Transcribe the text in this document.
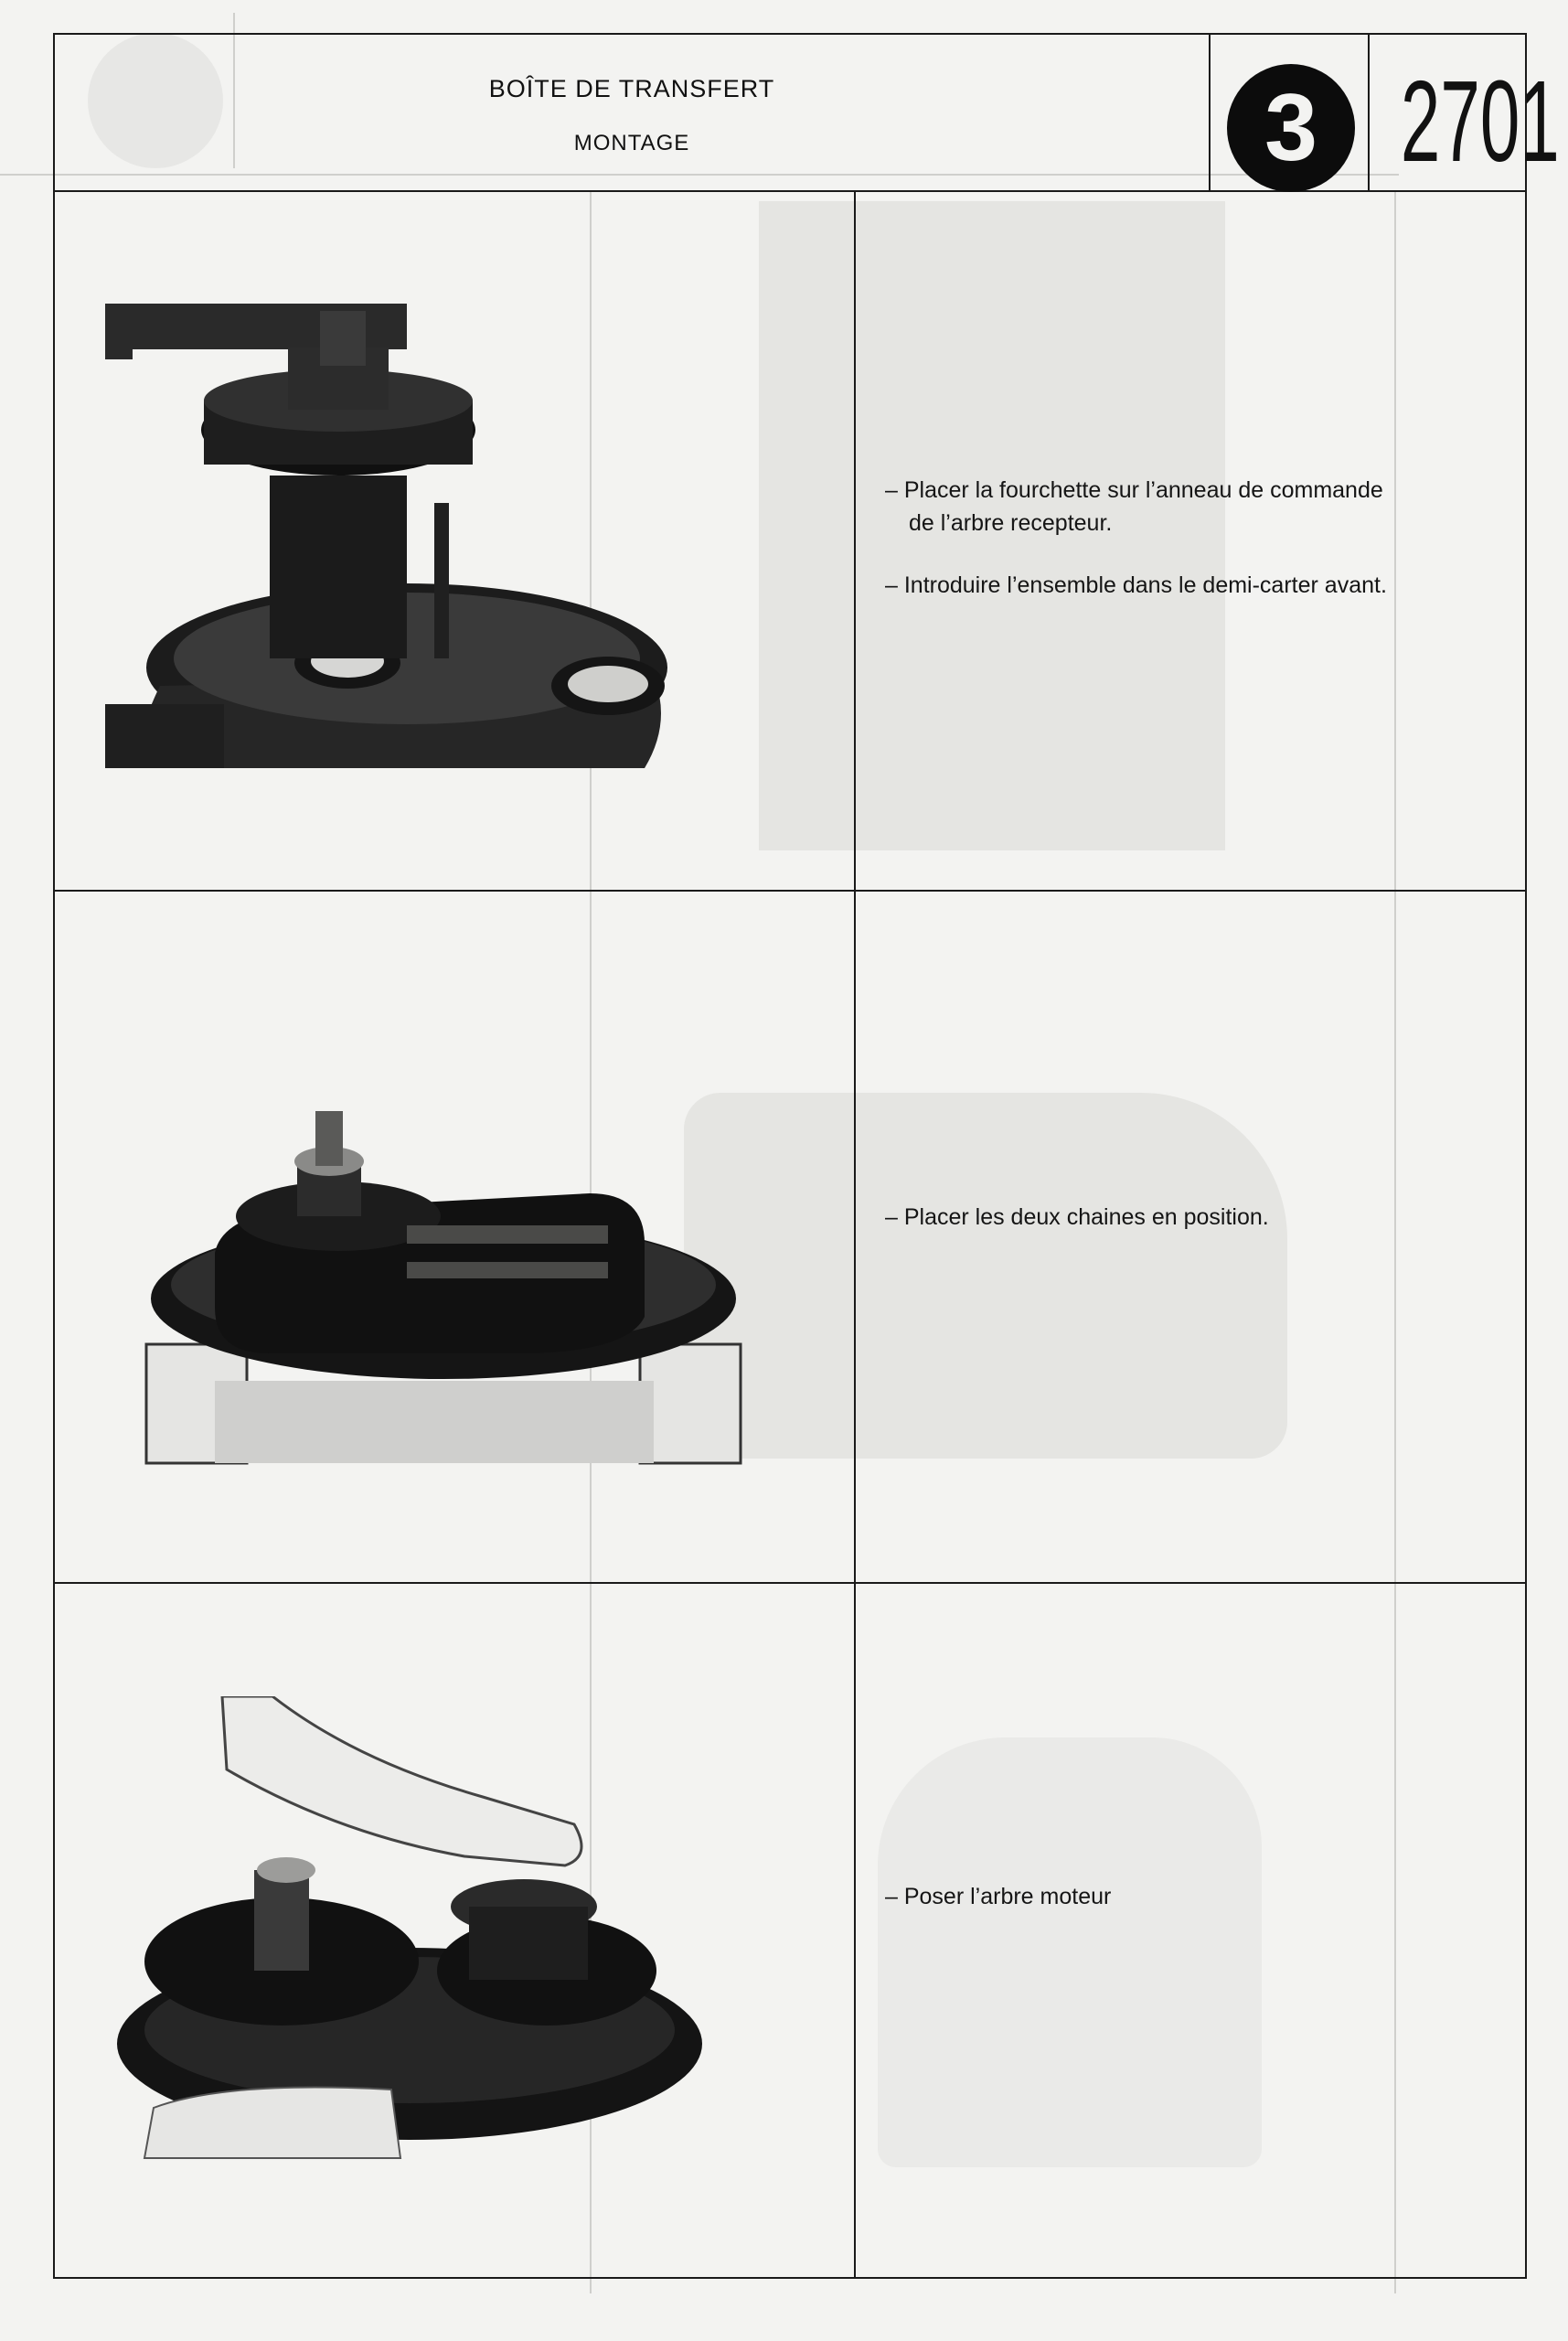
BOÎTE DE TRANSFERT
MONTAGE	3 2701
– Placer la fourchette sur l’anneau de commande
de l’arbre recepteur.
– Introduire l’ensemble dans le demi-carter avant.
– Placer les deux chaines en position.
– Poser l’arbre moteur
